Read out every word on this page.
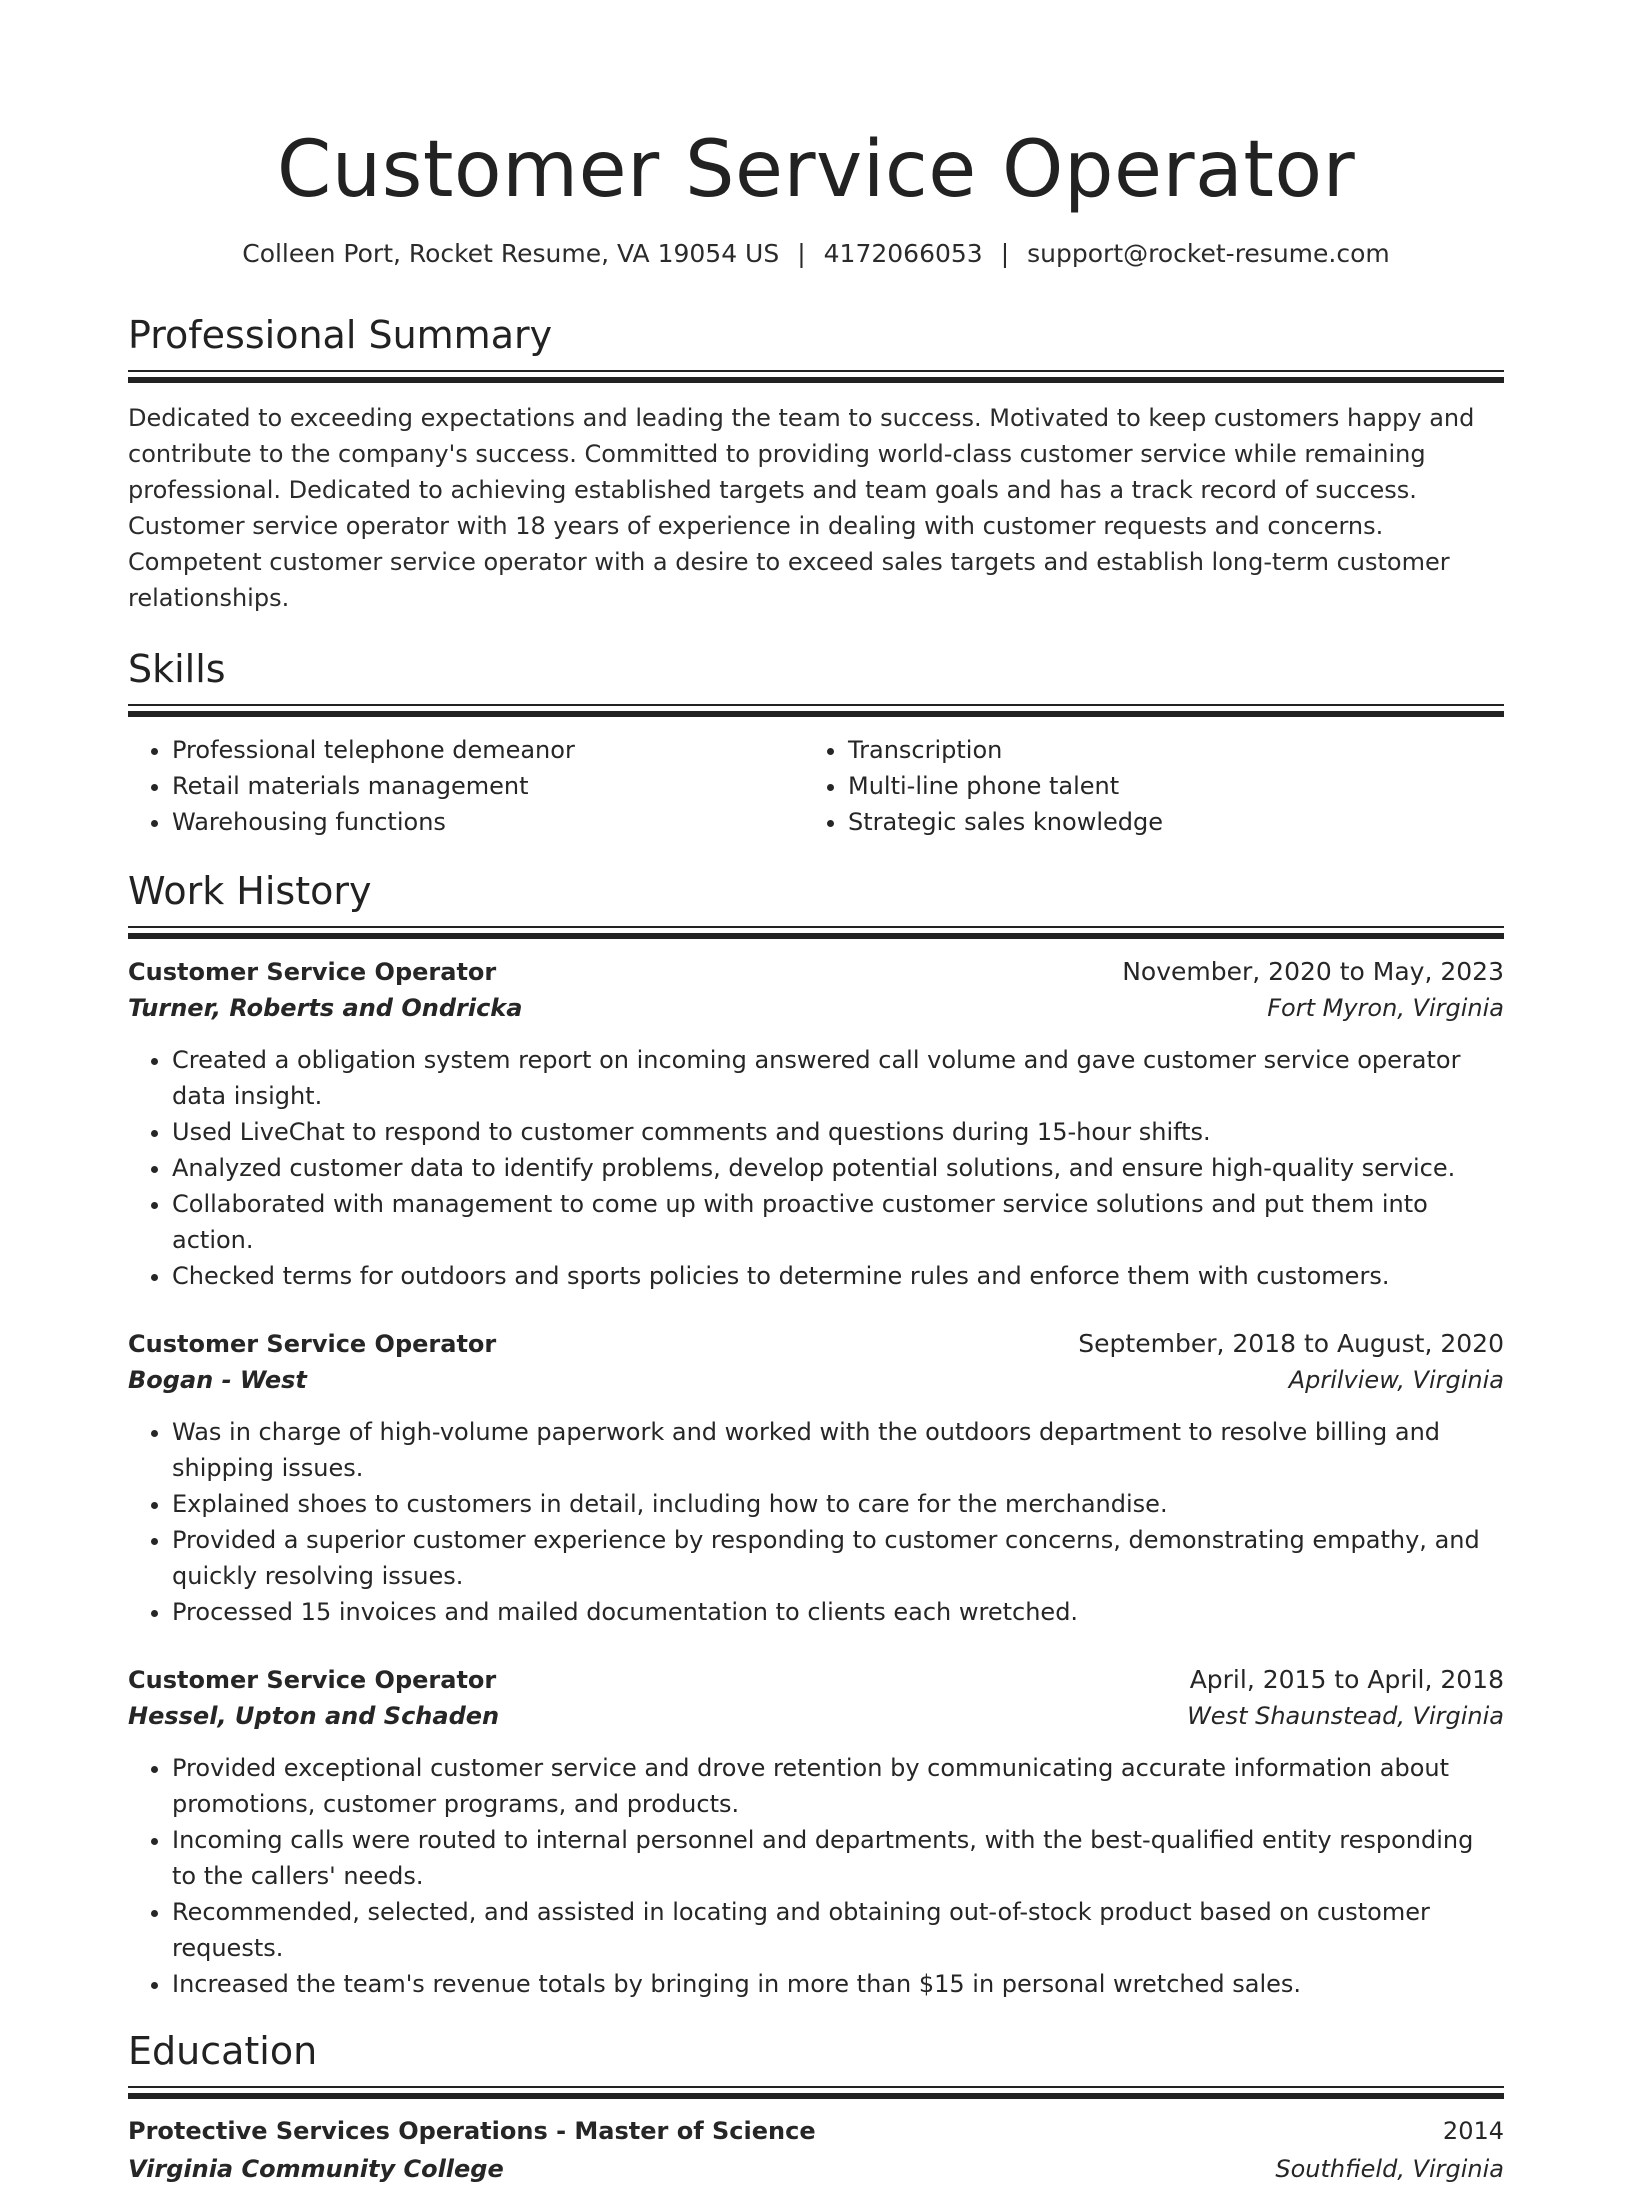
Customer Service Operator
Colleen Port, Rocket Resume, VA 19054 US | 4172066053 | support@rocket-resume.com
Professional Summary
Dedicated to exceeding expectations and leading the team to success. Motivated to keep customers happy and contribute to the company's success. Committed to providing world-class customer service while remaining professional. Dedicated to achieving established targets and team goals and has a track record of success. Customer service operator with 18 years of experience in dealing with customer requests and concerns. Competent customer service operator with a desire to exceed sales targets and establish long-term customer relationships.
Skills
• Professional telephone demeanor
• Retail materials management
• Warehousing functions
• Transcription
• Multi-line phone talent
• Strategic sales knowledge
Work History
Customer Service Operator	November, 2020 to May, 2023
Turner, Roberts and Ondricka	Fort Myron, Virginia
• Created a obligation system report on incoming answered call volume and gave customer service operator data insight.
• Used LiveChat to respond to customer comments and questions during 15-hour shifts.
• Analyzed customer data to identify problems, develop potential solutions, and ensure high-quality service.
• Collaborated with management to come up with proactive customer service solutions and put them into action.
• Checked terms for outdoors and sports policies to determine rules and enforce them with customers.
Customer Service Operator	September, 2018 to August, 2020
Bogan - West	Aprilview, Virginia
• Was in charge of high-volume paperwork and worked with the outdoors department to resolve billing and shipping issues.
• Explained shoes to customers in detail, including how to care for the merchandise.
• Provided a superior customer experience by responding to customer concerns, demonstrating empathy, and quickly resolving issues.
• Processed 15 invoices and mailed documentation to clients each wretched.
Customer Service Operator	April, 2015 to April, 2018
Hessel, Upton and Schaden	West Shaunstead, Virginia
• Provided exceptional customer service and drove retention by communicating accurate information about promotions, customer programs, and products.
• Incoming calls were routed to internal personnel and departments, with the best-qualified entity responding to the callers' needs.
• Recommended, selected, and assisted in locating and obtaining out-of-stock product based on customer requests.
• Increased the team's revenue totals by bringing in more than $15 in personal wretched sales.
Education
Protective Services Operations - Master of Science	2014
Virginia Community College	Southfield, Virginia
